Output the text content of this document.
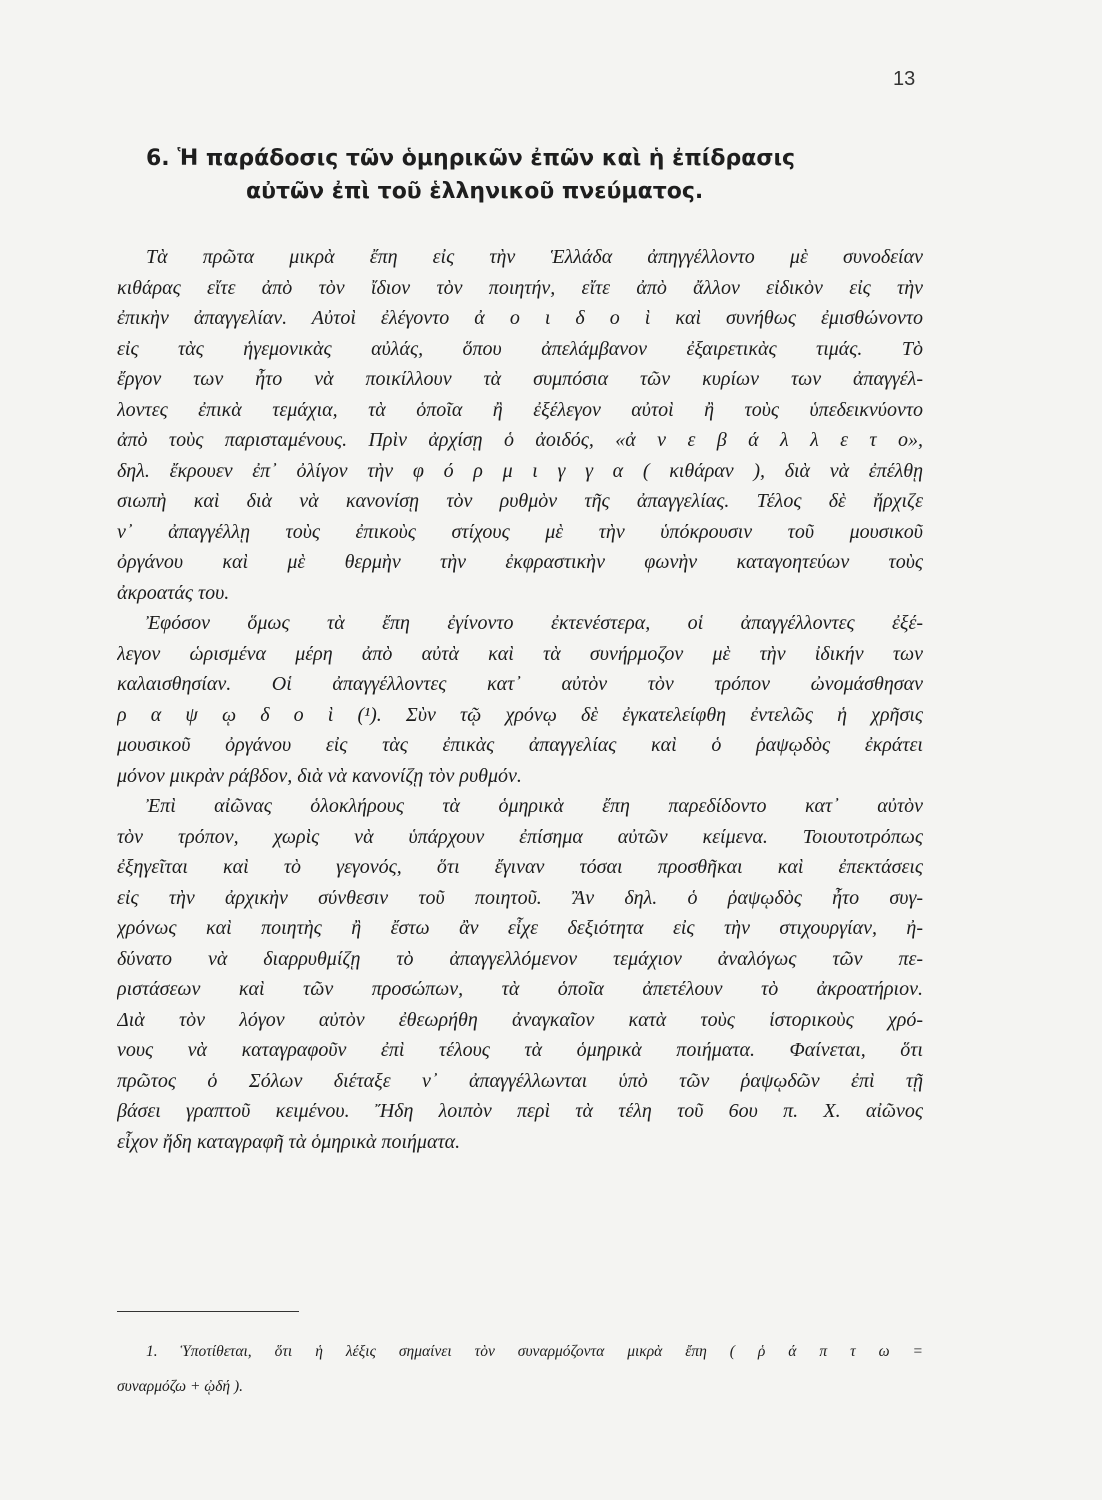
13
6. Ἡ παράδοσις τῶν ὁμηρικῶν ἐπῶν καὶ ἡ ἐπίδρασις
αὐτῶν ἐπὶ τοῦ ἑλληνικοῦ πνεύματος.
Τὰ πρῶτα μικρὰ ἔπη εἰς τὴν Ἑλλάδα ἀπηγγέλλοντο μὲ συνοδείαν
κιθάρας εἴτε ἀπὸ τὸν ἴδιον τὸν ποιητήν, εἴτε ἀπὸ ἄλλον εἰδικὸν εἰς τὴν
ἐπικὴν ἀπαγγελίαν. Αὐτοὶ ἐλέγοντο ἀ ο ι δ ο ὶ καὶ συνήθως ἐμισθώνοντο
εἰς τὰς ἡγεμονικὰς αὐλάς, ὅπου ἀπελάμβανον ἐξαιρετικὰς τιμάς. Τὸ
ἔργον των ἦτο νὰ ποικίλλουν τὰ συμπόσια τῶν κυρίων των ἀπαγγέλ-
λοντες ἐπικὰ τεμάχια, τὰ ὁποῖα ἢ ἐξέλεγον αὐτοὶ ἢ τοὺς ὑπεδεικνύοντο
ἀπὸ τοὺς παρισταμένους. Πρὶν ἀρχίσῃ ὁ ἀοιδός, «ἀ ν ε β ά λ λ ε τ ο»,
δηλ. ἔκρουεν ἐπ᾽ ὀλίγον τὴν φ ό ρ μ ι γ γ α ( κιθάραν ), διὰ νὰ ἐπέλθῃ
σιωπὴ καὶ διὰ νὰ κανονίσῃ τὸν ρυθμὸν τῆς ἀπαγγελίας. Τέλος δὲ ἤρχιζε
ν᾽ ἀπαγγέλλῃ τοὺς ἐπικοὺς στίχους μὲ τὴν ὑπόκρουσιν τοῦ μουσικοῦ
ὀργάνου καὶ μὲ θερμὴν τὴν ἐκφραστικὴν φωνὴν καταγοητεύων τοὺς
ἀκροατάς του.
Ἐφόσον ὅμως τὰ ἔπη ἐγίνοντο ἐκτενέστερα, οἱ ἀπαγγέλλοντες ἐξέ-
λεγον ὡρισμένα μέρη ἀπὸ αὐτὰ καὶ τὰ συνήρμοζον μὲ τὴν ἰδικήν των
καλαισθησίαν. Οἱ ἀπαγγέλλοντες κατ᾽ αὐτὸν τὸν τρόπον ὠνομάσθησαν
ρ α ψ ῳ δ ο ὶ (¹). Σὺν τῷ χρόνῳ δὲ ἐγκατελείφθη ἐντελῶς ἡ χρῆσις
μουσικοῦ ὀργάνου εἰς τὰς ἐπικὰς ἀπαγγελίας καὶ ὁ ῥαψῳδὸς ἐκράτει
μόνον μικρὰν ράβδον, διὰ νὰ κανονίζῃ τὸν ρυθμόν.
Ἐπὶ αἰῶνας ὁλοκλήρους τὰ ὁμηρικὰ ἔπη παρεδίδοντο κατ᾽ αὐτὸν
τὸν τρόπον, χωρὶς νὰ ὑπάρχουν ἐπίσημα αὐτῶν κείμενα. Τοιουτοτρόπως
ἐξηγεῖται καὶ τὸ γεγονός, ὅτι ἔγιναν τόσαι προσθῆκαι καὶ ἐπεκτάσεις
εἰς τὴν ἀρχικὴν σύνθεσιν τοῦ ποιητοῦ. Ἂν δηλ. ὁ ῥαψῳδὸς ἦτο συγ-
χρόνως καὶ ποιητὴς ἢ ἔστω ἂν εἶχε δεξιότητα εἰς τὴν στιχουργίαν, ἠ-
δύνατο νὰ διαρρυθμίζῃ τὸ ἀπαγγελλόμενον τεμάχιον ἀναλόγως τῶν πε-
ριστάσεων καὶ τῶν προσώπων, τὰ ὁποῖα ἀπετέλουν τὸ ἀκροατήριον.
Διὰ τὸν λόγον αὐτὸν ἐθεωρήθη ἀναγκαῖον κατὰ τοὺς ἱστορικοὺς χρό-
νους νὰ καταγραφοῦν ἐπὶ τέλους τὰ ὁμηρικὰ ποιήματα. Φαίνεται, ὅτι
πρῶτος ὁ Σόλων διέταξε ν᾽ ἀπαγγέλλωνται ὑπὸ τῶν ῥαψῳδῶν ἐπὶ τῇ
βάσει γραπτοῦ κειμένου. Ἤδη λοιπὸν περὶ τὰ τέλη τοῦ 6ου π. Χ. αἰῶνος
εἶχον ἤδη καταγραφῆ τὰ ὁμηρικὰ ποιήματα.
1. Ὑποτίθεται, ὅτι ἡ λέξις σημαίνει τὸν συναρμόζοντα μικρὰ ἔπη ( ῥ ά π τ ω =
συναρμόζω + ᾠδή ).
